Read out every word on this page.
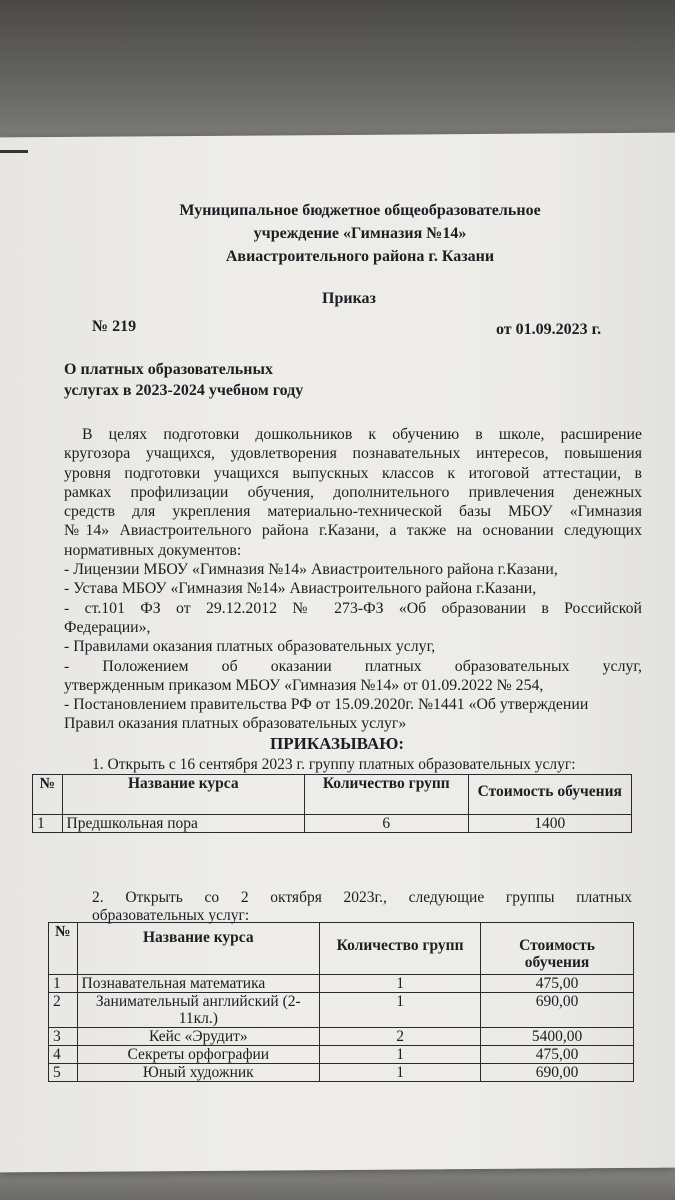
Муниципальное бюджетное общеобразовательное
учреждение «Гимназия №14»
Авиастроительного района г. Казани
Приказ
№ 219	от 01.09.2023 г.
О платных образовательных
услугах в 2023-2024 учебном году
В целях подготовки дошкольников к обучению в школе, расширение
кругозора учащихся, удовлетворения познавательных интересов, повышения
уровня подготовки учащихся выпускных классов к итоговой аттестации, в
рамках профилизации обучения, дополнительного привлечения денежных
средств для укрепления материально-технической базы МБОУ «Гимназия
№14» Авиастроительного района г.Казани, а также на основании следующих
нормативных документов:
- Лицензии МБОУ «Гимназия №14» Авиастроительного района г.Казани,
- Устава МБОУ «Гимназия №14» Авиастроительного района г.Казани,
- ст.101 ФЗ от 29.12.2012 № 273-ФЗ «Об образовании в Российской
Федерации»,
- Правилами оказания платных образовательных услуг,
- Положением об оказании платных образовательных услуг,
утвержденным приказом МБОУ «Гимназия №14» от 01.09.2022 № 254,
- Постановлением правительства РФ от 15.09.2020г. №1441 «Об утверждении
Правил оказания платных образовательных услуг»
ПРИКАЗЫВАЮ:
1. Открыть с 16 сентября 2023 г. группу платных образовательных услуг:
№	Название курса	Количество групп	Стоимость обучения
1	Предшкольная пора	6	1400
2. Открыть со 2 октября 2023г., следующие группы платных
образовательных услуг:
№	Название курса	Количество групп	Стоимость обучения
1	Познавательная математика	1	475,00
2	Занимательный английский (2-11кл.)	1	690,00
3	Кейс «Эрудит»	2	5400,00
4	Секреты орфографии	1	475,00
5	Юный художник	1	690,00
